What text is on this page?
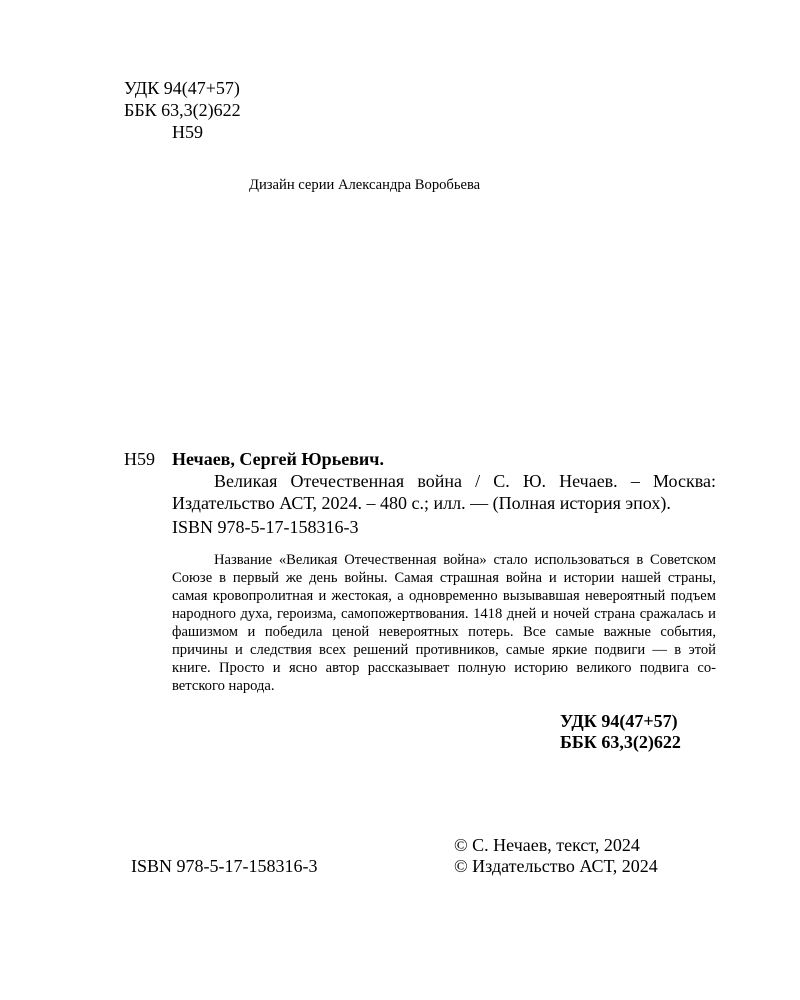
УДК 94(47+57)
ББК 63,3(2)622
Н59
Дизайн серии Александра Воробьева
Н59 Нечаев, Сергей Юрьевич.

Великая Отечественная война / С. Ю. Нечаев. – Москва: Издательство АСТ, 2024. – 480 с.; илл. — (Полная история эпох).

ISBN 978-5-17-158316-3

Название «Великая Отечественная война» стало использоваться в Советском Союзе в первый же день войны. Самая страшная война и истории нашей страны, самая кровопролитная и жестокая, а одновременно вызывавшая невероятный подъем народного духа, героизма, самопожертвования. 1418 дней и ночей страна сражалась и фашизмом и победила ценой невероятных потерь. Все самые важные события, причины и следствия всех решений противников, самые яркие подвиги — в этой книге. Просто и ясно автор рассказывает полную историю великого подвига советского народа.

УДК 94(47+57)
ББК 63,3(2)622
ISBN 978-5-17-158316-3
© С. Нечаев, текст, 2024
© Издательство АСТ, 2024
